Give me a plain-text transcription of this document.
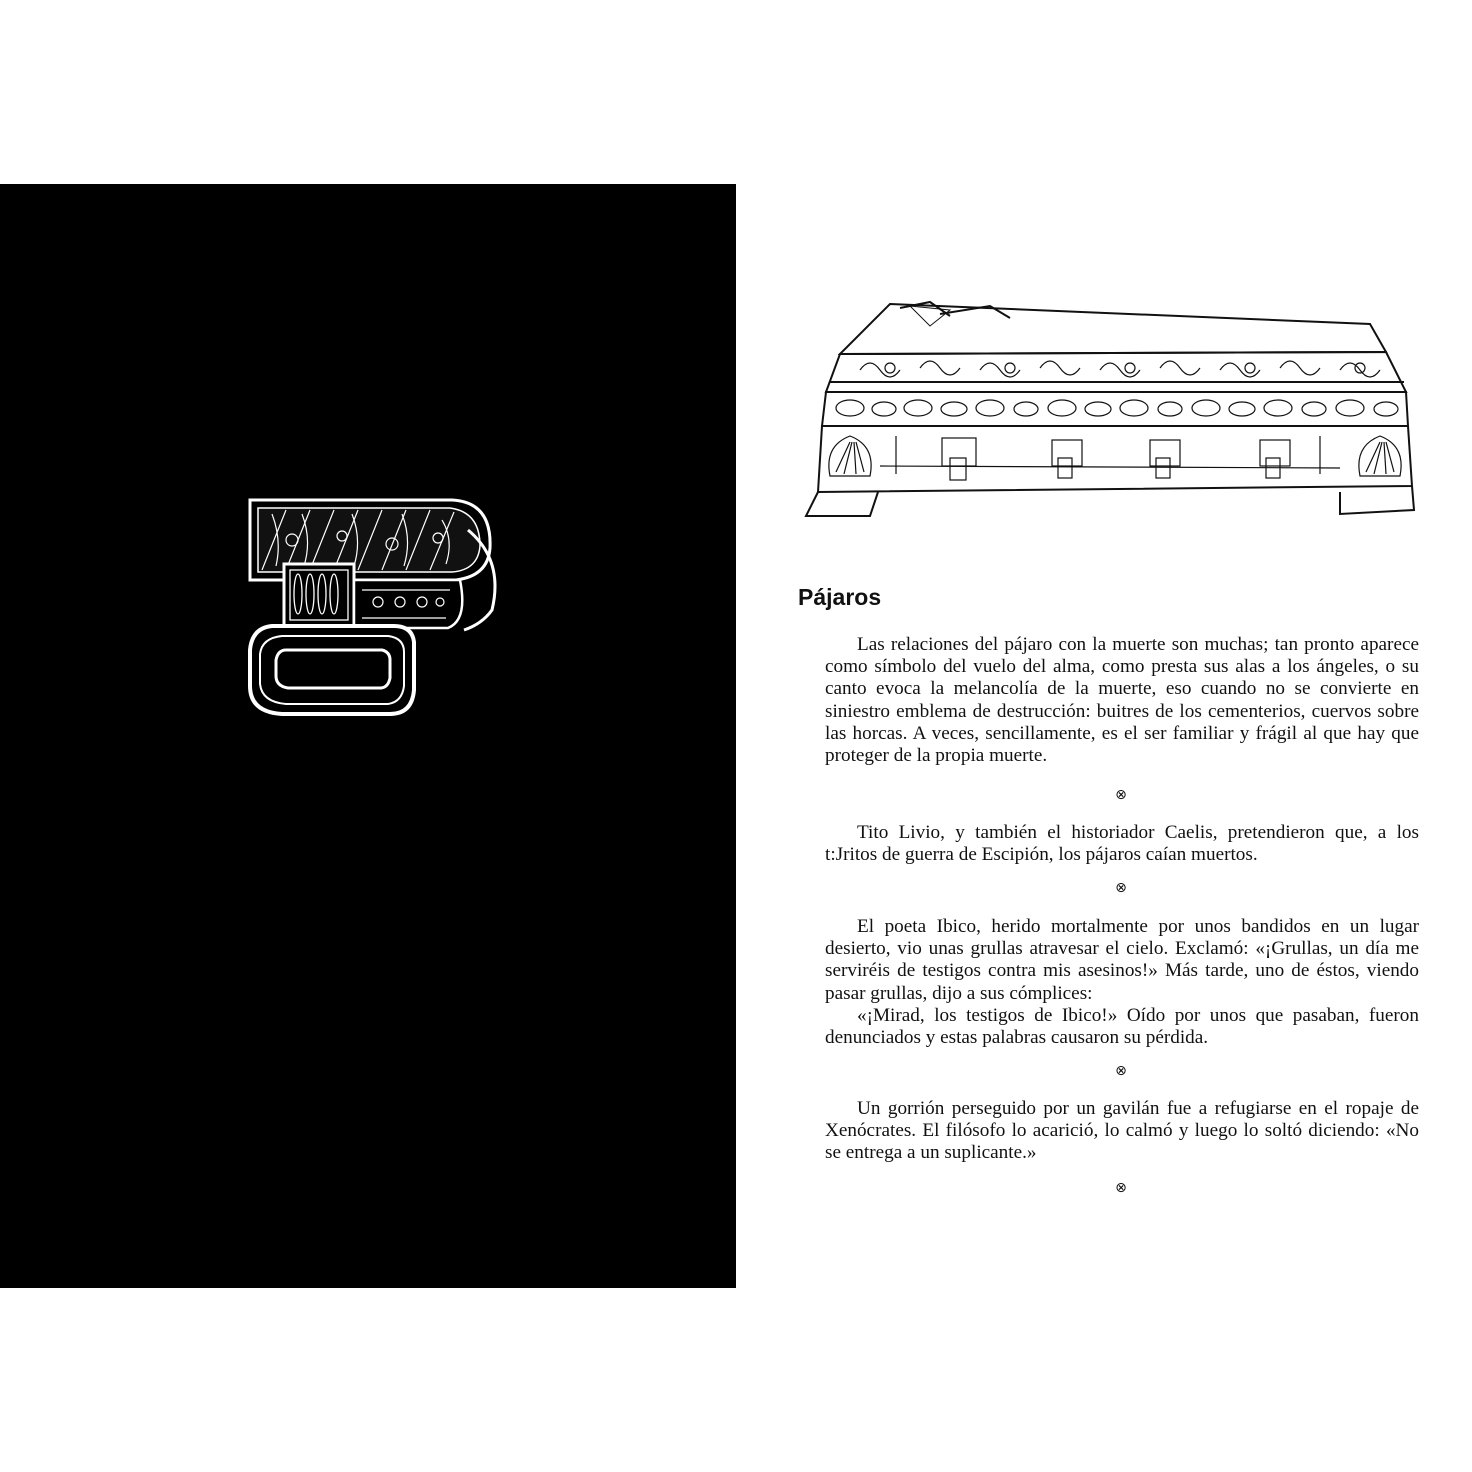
Pájaros

Las relaciones del pájaro con la muerte son muchas; tan pronto aparece como símbolo del vuelo del alma, como presta sus alas a los ángeles, o su canto evoca la melancolía de la muerte, eso cuando no se convierte en siniestro emblema de destrucción: buitres de los cementerios, cuervos sobre las horcas. A veces, sencillamente, es el ser familiar y frágil al que hay que proteger de la propia muerte.

⊗

Tito Livio, y también el historiador Caelis, pretendieron que, a los t:Jritos de guerra de Escipión, los pájaros caían muertos.

⊗

El poeta Ibico, herido mortalmente por unos bandidos en un lugar desierto, vio unas grullas atravesar el cielo. Exclamó: «¡Grullas, un día me serviréis de testigos contra mis asesinos!» Más tarde, uno de éstos, viendo pasar grullas, dijo a sus cómplices:

«¡Mirad, los testigos de Ibico!» Oído por unos que pasaban, fueron denunciados y estas palabras causaron su pérdida.

⊗

Un gorrión perseguido por un gavilán fue a refugiarse en el ropaje de Xenócrates. El filósofo lo acarició, lo calmó y luego lo soltó diciendo: «No se entrega a un suplicante.»

⊗
